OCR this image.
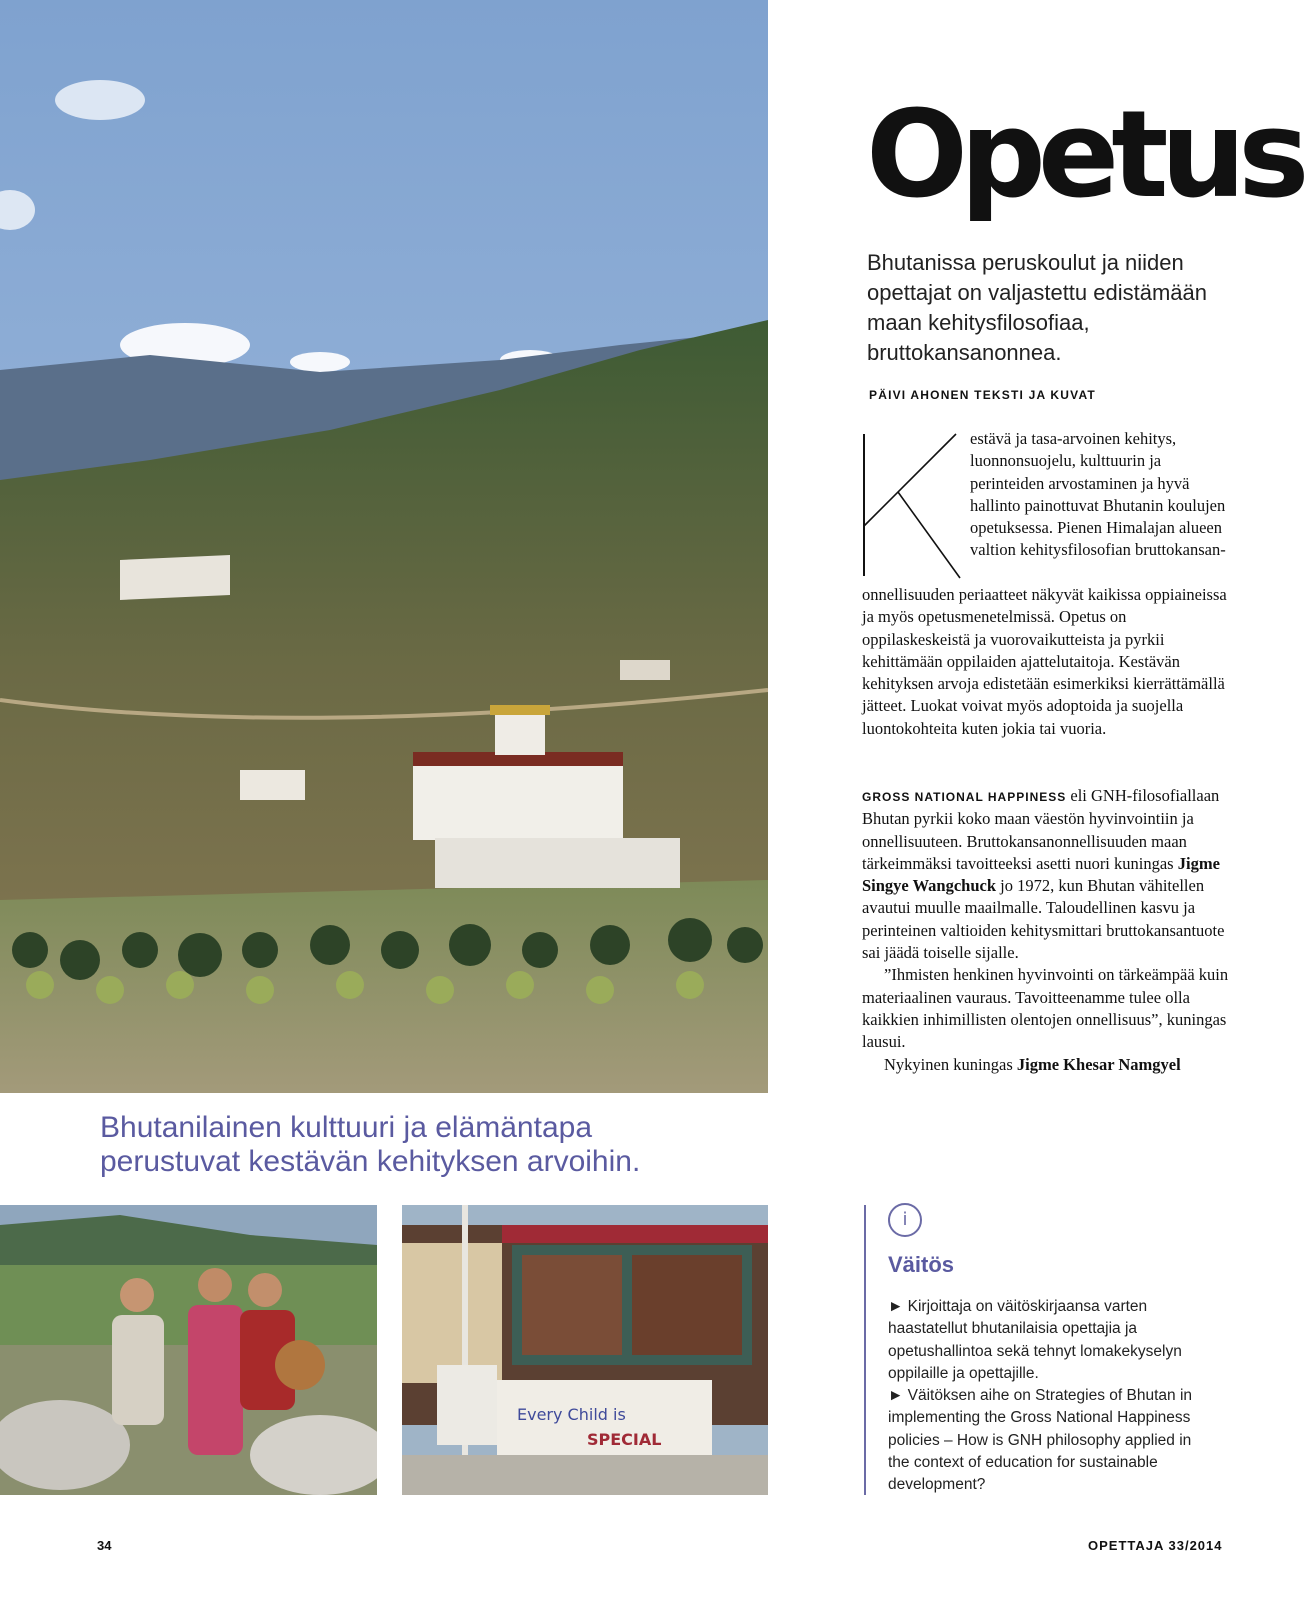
Opetus

Bhutanissa peruskoulut ja niiden opettajat on valjastettu edistämään maan kehitysfilosofiaa, bruttokansanonnea.

PÄIVI AHONEN TEKSTI JA KUVAT

estävä ja tasa-arvoinen kehitys, luonnonsuojelu, kulttuurin ja perinteiden arvostaminen ja hyvä hallinto painottuvat Bhutanin koulujen opetuksessa. Pienen Himalajan alueen valtion kehitysfilosofian bruttokansan-

onnellisuuden periaatteet näkyvät kaikissa oppiaineissa ja myös opetusmenetelmissä. Opetus on oppilaskeskeistä ja vuorovaikutteista ja pyrkii kehittämään oppilaiden ajattelutaitoja. Kestävän kehityksen arvoja edistetään esimerkiksi kierrättämällä jätteet. Luokat voivat myös adoptoida ja suojella luontokohteita kuten jokia tai vuoria.

GROSS NATIONAL HAPPINESS eli GNH-filosofiallaan Bhutan pyrkii koko maan väestön hyvinvointiin ja onnellisuuteen. Bruttokansanonnellisuuden maan tärkeimmäksi tavoitteeksi asetti nuori kuningas Jigme Singye Wangchuck jo 1972, kun Bhutan vähitellen avautui muulle maailmalle. Taloudellinen kasvu ja perinteinen valtioiden kehitysmittari bruttokansantuote sai jäädä toiselle sijalle.
”Ihmisten henkinen hyvinvointi on tärkeämpää kuin materiaalinen vauraus. Tavoitteenamme tulee olla kaikkien inhimillisten olentojen onnellisuus”, kuningas lausui.
Nykyinen kuningas Jigme Khesar Namgyel

Bhutanilainen kulttuuri ja elämäntapa perustuvat kestävän kehityksen arvoihin.

Every Child is
SPECIAL
i
Väitös
► Kirjoittaja on väitöskirjaansa varten haastatellut bhutanilaisia opettajia ja opetushallintoa sekä tehnyt lomakekyselyn oppilaille ja opettajille.
► Väitöksen aihe on Strategies of Bhutan in implementing the Gross National Happiness policies – How is GNH philosophy applied in the context of education for sustainable development?

34	OPETTAJA 33/2014
